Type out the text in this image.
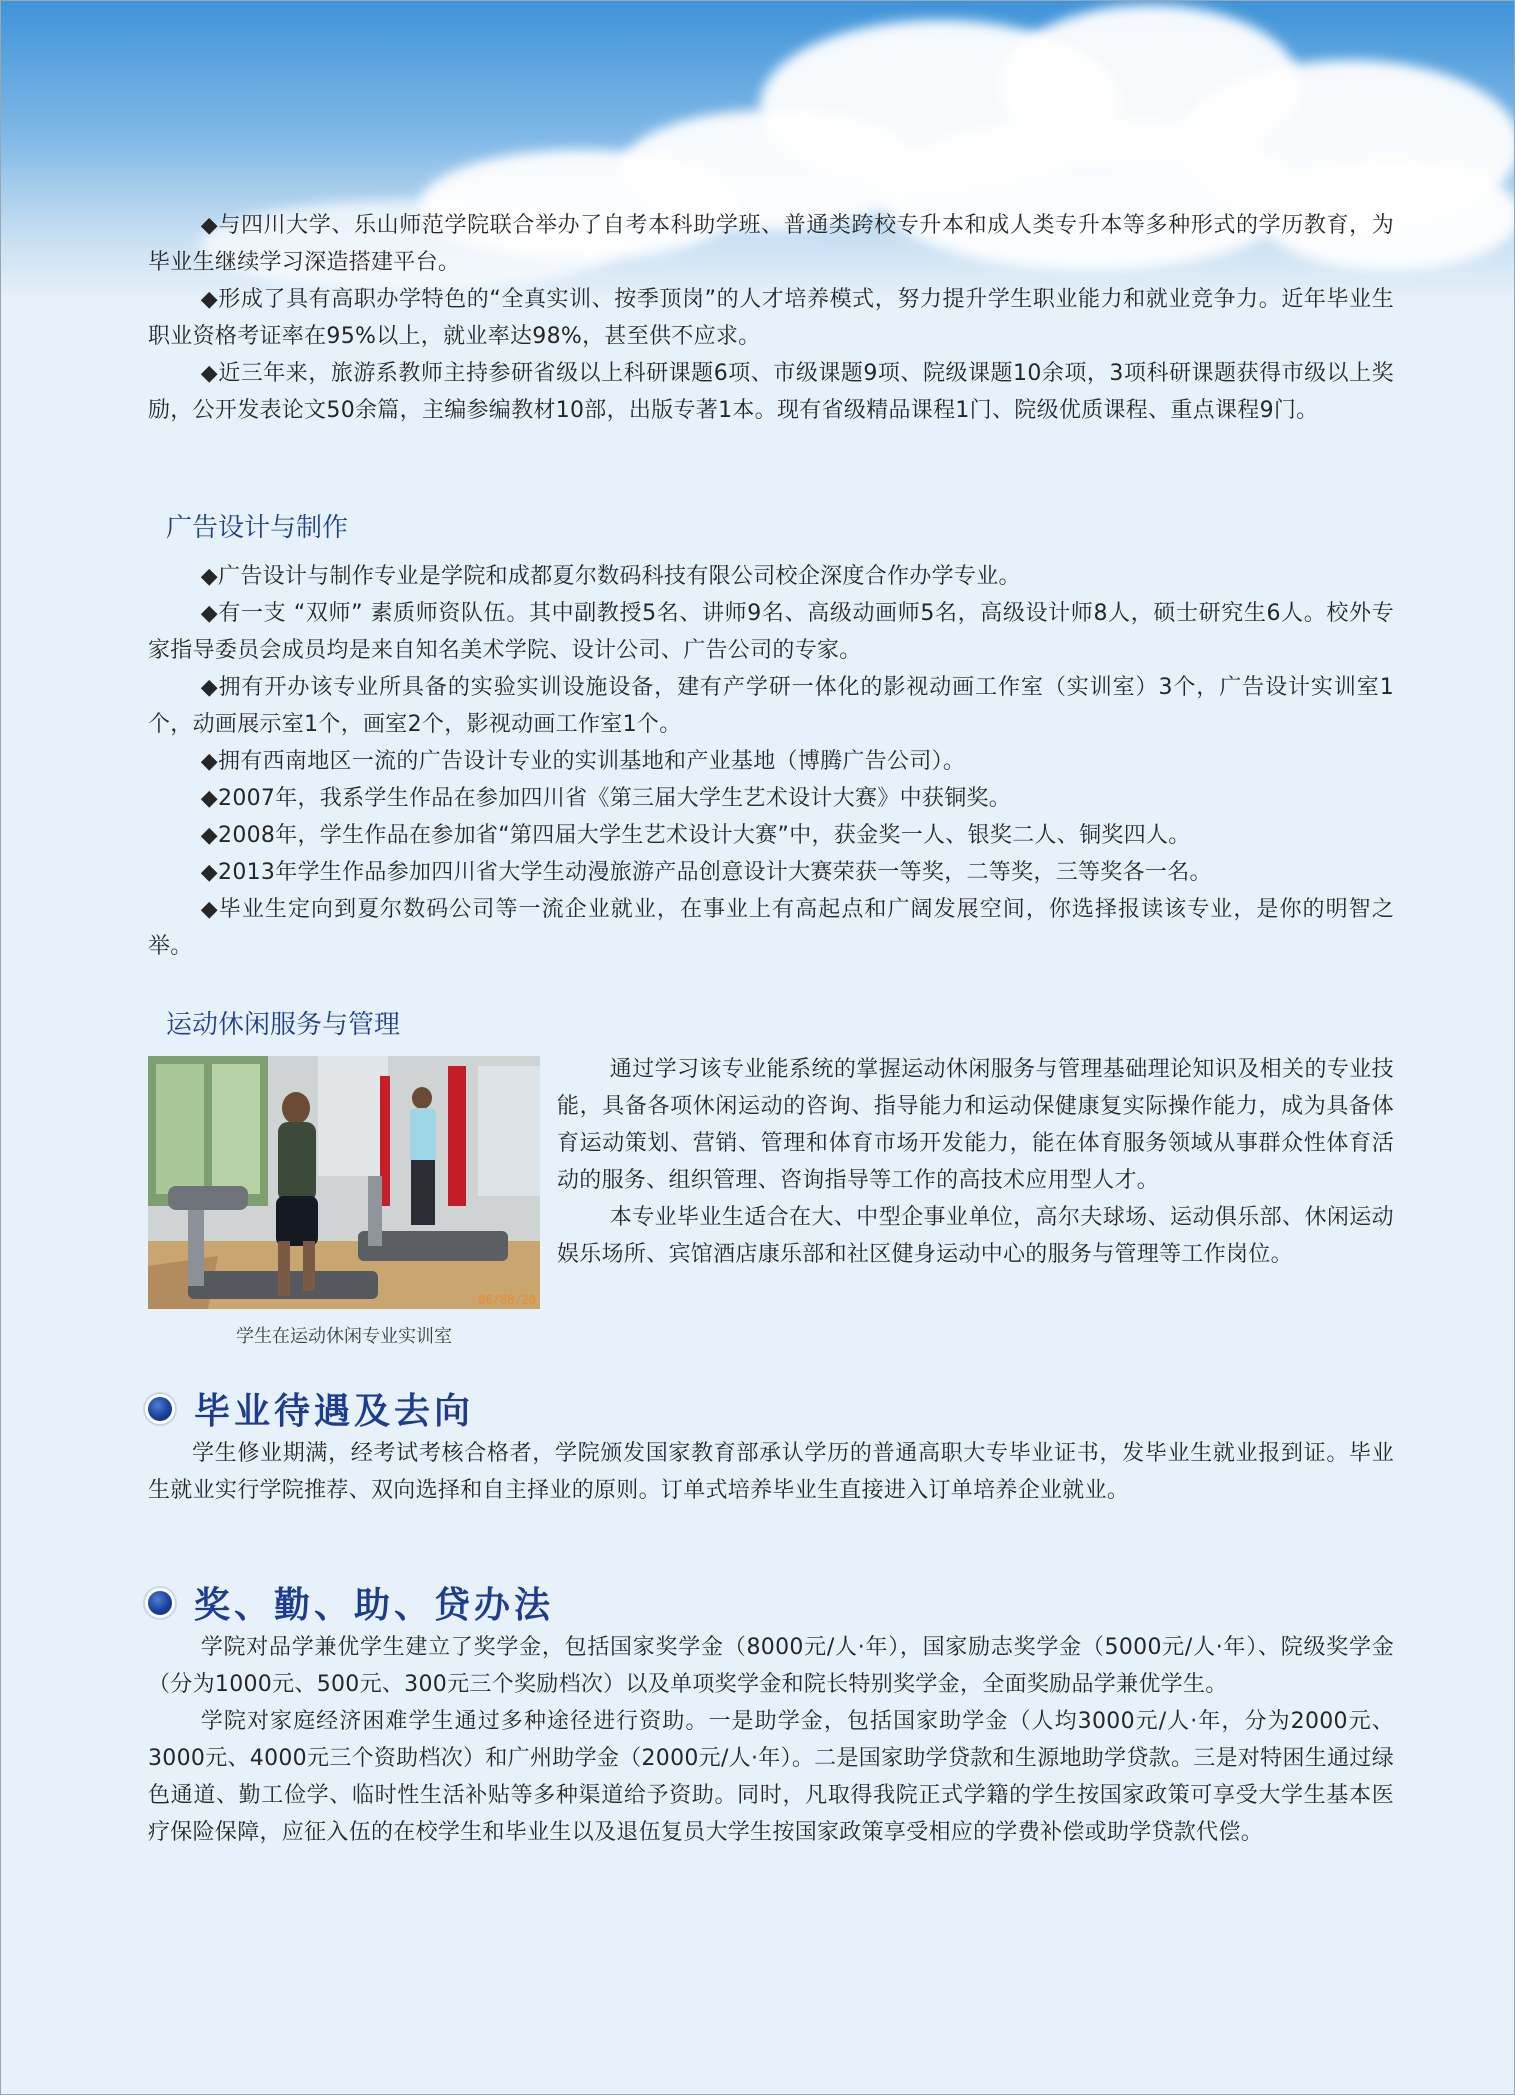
◆与四川大学、乐山师范学院联合举办了自考本科助学班、普通类跨校专升本和成人类专升本等多种形式的学历教育，为毕业生继续学习深造搭建平台。

◆形成了具有高职办学特色的“全真实训、按季顶岗”的人才培养模式，努力提升学生职业能力和就业竞争力。近年毕业生职业资格考证率在95%以上，就业率达98%，甚至供不应求。

◆近三年来，旅游系教师主持参研省级以上科研课题6项、市级课题9项、院级课题10余项，3项科研课题获得市级以上奖励，公开发表论文50余篇，主编参编教材10部，出版专著1本。现有省级精品课程1门、院级优质课程、重点课程9门。

广告设计与制作

◆广告设计与制作专业是学院和成都夏尔数码科技有限公司校企深度合作办学专业。

◆有一支 “双师” 素质师资队伍。其中副教授5名、讲师9名、高级动画师5名，高级设计师8人，硕士研究生6人。校外专家指导委员会成员均是来自知名美术学院、设计公司、广告公司的专家。

◆拥有开办该专业所具备的实验实训设施设备，建有产学研一体化的影视动画工作室（实训室）3个，广告设计实训室1个，动画展示室1个，画室2个，影视动画工作室1个。

◆拥有西南地区一流的广告设计专业的实训基地和产业基地（博腾广告公司）。

◆2007年，我系学生作品在参加四川省《第三届大学生艺术设计大赛》中获铜奖。

◆2008年，学生作品在参加省“第四届大学生艺术设计大赛”中，获金奖一人、银奖二人、铜奖四人。

◆2013年学生作品参加四川省大学生动漫旅游产品创意设计大赛荣获一等奖，二等奖，三等奖各一名。

◆毕业生定向到夏尔数码公司等一流企业就业，在事业上有高起点和广阔发展空间，你选择报读该专业，是你的明智之举。

运动休闲服务与管理
06/08/20
学生在运动休闲专业实训室

通过学习该专业能系统的掌握运动休闲服务与管理基础理论知识及相关的专业技能，具备各项休闲运动的咨询、指导能力和运动保健康复实际操作能力，成为具备体育运动策划、营销、管理和体育市场开发能力，能在体育服务领域从事群众性体育活动的服务、组织管理、咨询指导等工作的高技术应用型人才。

本专业毕业生适合在大、中型企事业单位，高尔夫球场、运动俱乐部、休闲运动娱乐场所、宾馆酒店康乐部和社区健身运动中心的服务与管理等工作岗位。

毕业待遇及去向

学生修业期满，经考试考核合格者，学院颁发国家教育部承认学历的普通高职大专毕业证书，发毕业生就业报到证。毕业生就业实行学院推荐、双向选择和自主择业的原则。订单式培养毕业生直接进入订单培养企业就业。

奖、勤、助、贷办法

学院对品学兼优学生建立了奖学金，包括国家奖学金（8000元/人·年），国家励志奖学金（5000元/人·年）、院级奖学金（分为1000元、500元、300元三个奖励档次）以及单项奖学金和院长特别奖学金，全面奖励品学兼优学生。

学院对家庭经济困难学生通过多种途径进行资助。一是助学金，包括国家助学金（人均3000元/人·年，分为2000元、3000元、4000元三个资助档次）和广州助学金（2000元/人·年）。二是国家助学贷款和生源地助学贷款。三是对特困生通过绿色通道、勤工俭学、临时性生活补贴等多种渠道给予资助。同时，凡取得我院正式学籍的学生按国家政策可享受大学生基本医疗保险保障，应征入伍的在校学生和毕业生以及退伍复员大学生按国家政策享受相应的学费补偿或助学贷款代偿。
